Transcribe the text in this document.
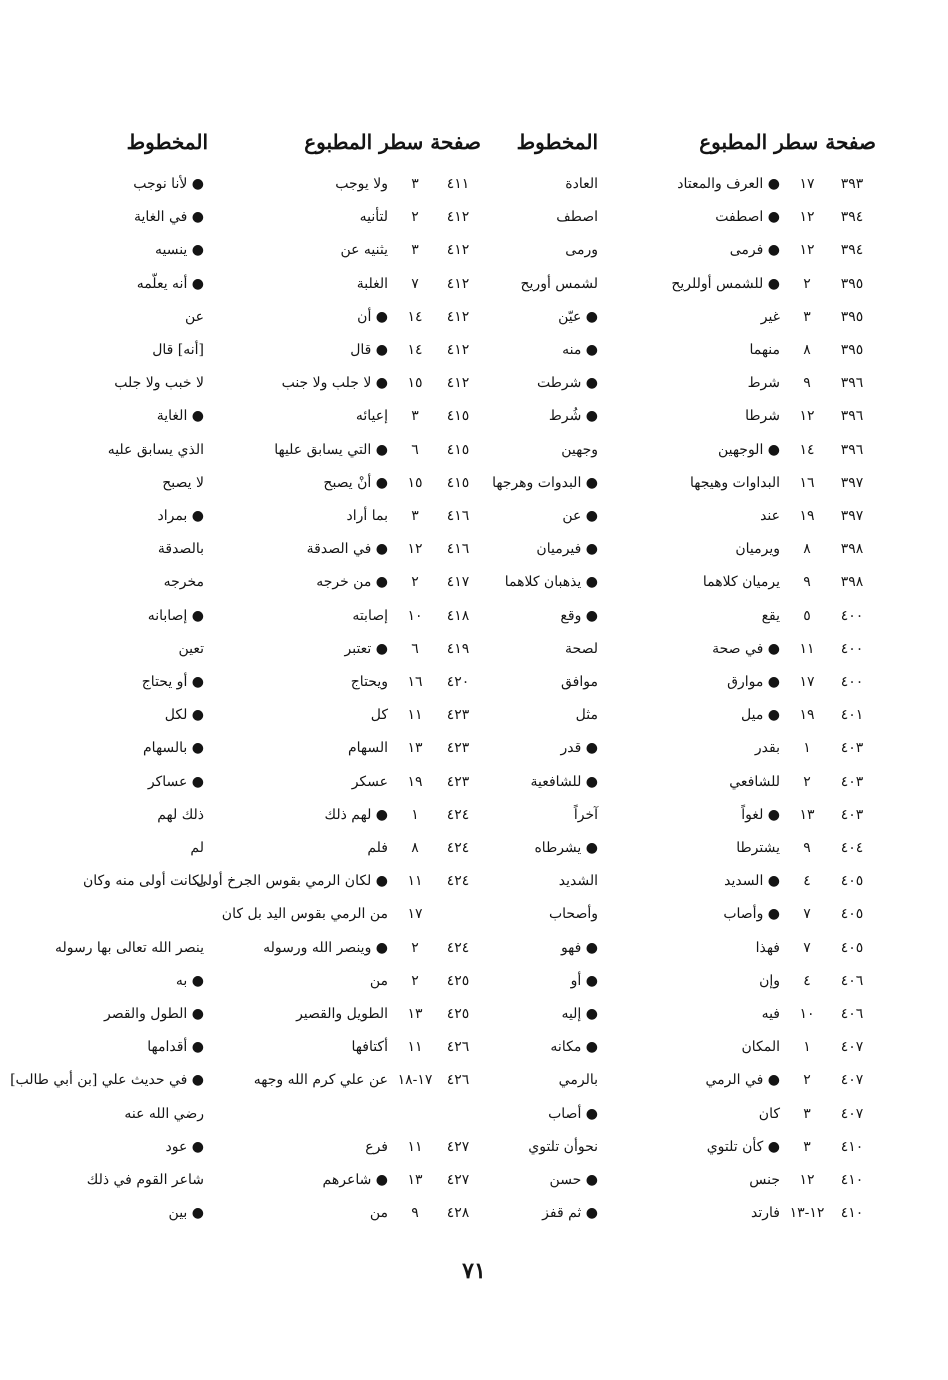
صفحة سطر المطبوع
المخطوط
صفحة سطر المطبوع
المخطوط
٣٩٣
١٧
● العرف والمعتاد
العادة
٤١١
٣
ولا يوجب
● لأنا نوجب
٣٩٤
١٢
● اصطفت
اصطف
٤١٢
٢
لتأنيه
● في الغاية
٣٩٤
١٢
● فرمى
ورمى
٤١٢
٣
يثنيه عن
● ينسيه
٣٩٥
٢
● للشمس أوللريح
لشمس أوريح
٤١٢
٧
الغلبة
● أنه يعلّمه
٣٩٥
٣
غير
● عيّن
٤١٢
١٤
● أن
عن
٣٩٥
٨
منهما
● منه
٤١٢
١٤
● قال
[أنه] قال
٣٩٦
٩
شرط
● شرطت
٤١٢
١٥
● لا جلب ولا جنب
لا خبب ولا جلب
٣٩٦
١٢
شرطا
● شُرط
٤١٥
٣
إعيائه
● الغاية
٣٩٦
١٤
● الوجهين
وجهين
٤١٥
٦
● التي يسابق عليها
الذي يسابق عليه
٣٩٧
١٦
البداوات وهيجها
● البدوات وهرجها
٤١٥
١٥
● أنْ يصبح
لا يصبح
٣٩٧
١٩
عند
● عن
٤١٦
٣
بما أراد
● بمراد
٣٩٨
٨
ويرميان
● فيرميان
٤١٦
١٢
● في الصدقة
بالصدقة
٣٩٨
٩
يرميان كلاهما
● يذهبان كلاهما
٤١٧
٢
● من خرجه
مخرجه
٤٠٠
٥
يقع
● وقع
٤١٨
١٠
إصابته
● إصابانه
٤٠٠
١١
● في صحة
لصحة
٤١٩
٦
● تعتبر
تعين
٤٠٠
١٧
● موارق
موافق
٤٢٠
١٦
ويحتاج
● أو يحتاج
٤٠١
١٩
● ميل
مثل
٤٢٣
١١
كل
● لكل
٤٠٣
١
بقدر
● قدر
٤٢٣
١٣
السهام
● بالسهام
٤٠٣
٢
للشافعي
● للشافعية
٤٢٣
١٩
عسكر
● عساكر
٤٠٣
١٣
● لغواً
آخراً
٤٢٤
١
● لهم ذلك
ذلك لهم
٤٠٤
٩
يشترطا
● يشرطاه
٤٢٤
٨
فلم
لم
٤٠٥
٤
● السديد
الشديد
٤٢٤
١١
● لكان الرمي بقوس الجرخ أولى
لكانت أولى منه وكان
٤٠٥
٧
● وأصاب
وأصحاب
١٧
من الرمي بقوس اليد بل كان
٤٠٥
٧
فهذا
● فهو
٤٢٤
٢
● وينصر الله ورسوله
ينصر الله تعالى بها رسوله
٤٠٦
٤
وإن
● أو
٤٢٥
٢
من
● به
٤٠٦
١٠
فيه
● إليه
٤٢٥
١٣
الطويل والقصير
● الطول والقصر
٤٠٧
١
المكان
● مكانه
٤٢٦
١١
أكتافها
● أقدامها
٤٠٧
٢
● في الرمي
بالرمي
٤٢٦
١٧-١٨
عن علي كرم الله وجهه
● في حديث علي [بن أبي طالب]
٤٠٧
٣
كان
● أصاب
رضي الله عنه
٤١٠
٣
● كأن تلتوي
نحوأن تلتوي
٤٢٧
١١
فرع
● عود
٤١٠
١٢
جنس
● حسن
٤٢٧
١٣
● شاعرهم
شاعر القوم في ذلك
٤١٠
١٢-١٣
فارتد
● ثم قفز
٤٢٨
٩
من
● بين
٧١
